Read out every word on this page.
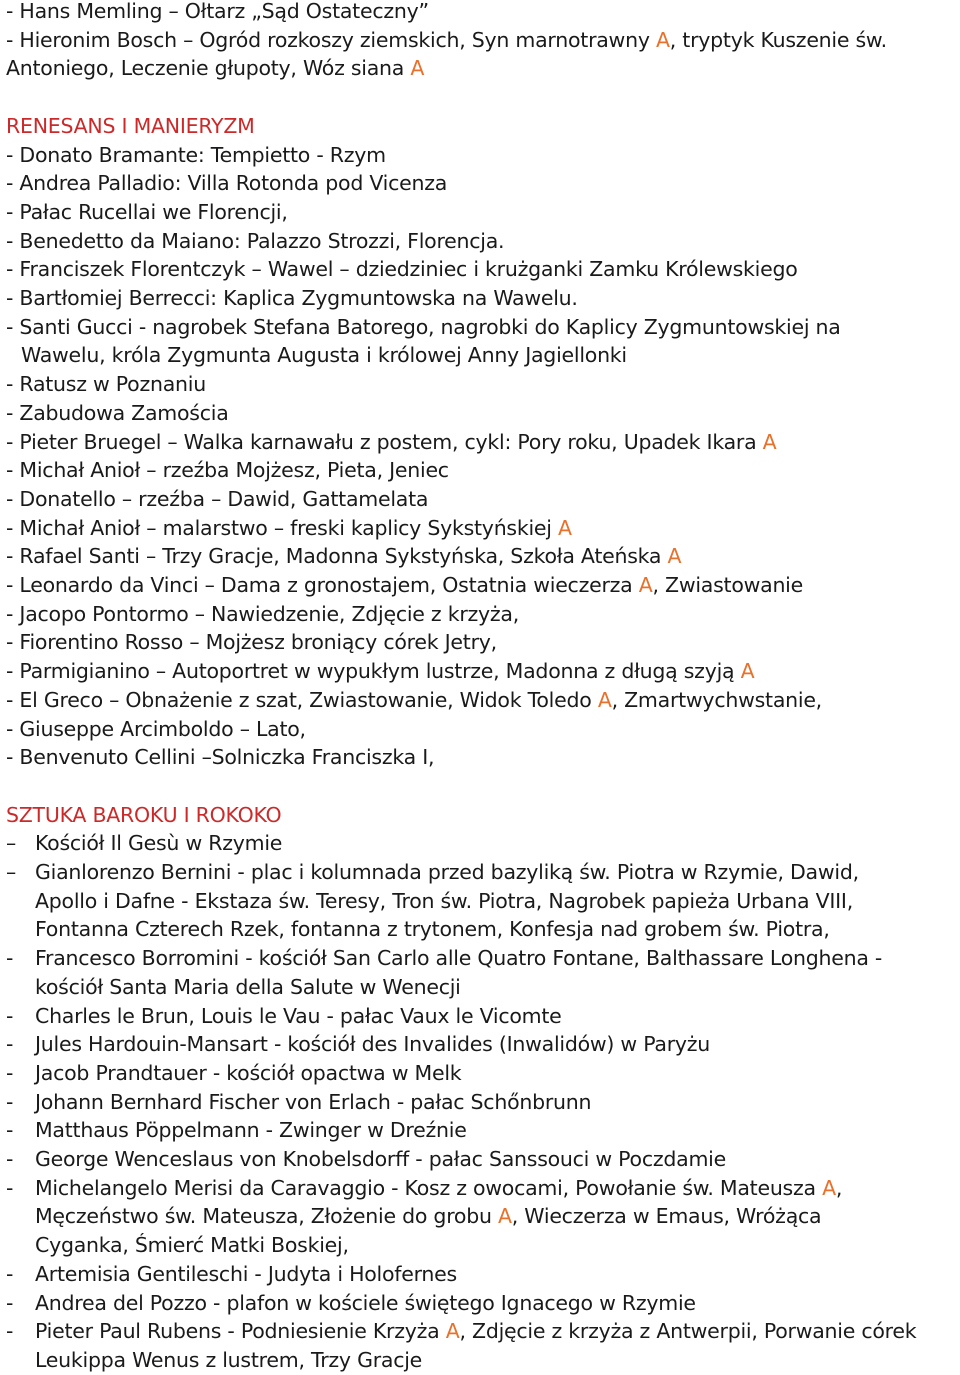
- Hans Memling – Ołtarz „Sąd Ostateczny”
- Hieronim Bosch – Ogród rozkoszy ziemskich, Syn marnotrawny A, tryptyk Kuszenie św.
Antoniego, Leczenie głupoty, Wóz siana A
RENESANS I MANIERYZM
- Donato Bramante: Tempietto - Rzym
- Andrea Palladio: Villa Rotonda pod Vicenza
- Pałac Rucellai we Florencji,
- Benedetto da Maiano: Palazzo Strozzi, Florencja.
- Franciszek Florentczyk – Wawel – dziedziniec i krużganki Zamku Królewskiego
- Bartłomiej Berrecci: Kaplica Zygmuntowska na Wawelu.
- Santi Gucci - nagrobek Stefana Batorego, nagrobki do Kaplicy Zygmuntowskiej na
Wawelu, króla Zygmunta Augusta i królowej Anny Jagiellonki
- Ratusz w Poznaniu
- Zabudowa Zamościa
- Pieter Bruegel – Walka karnawału z postem, cykl: Pory roku, Upadek Ikara A
- Michał Anioł – rzeźba Mojżesz, Pieta, Jeniec
- Donatello – rzeźba – Dawid, Gattamelata
- Michał Anioł – malarstwo – freski kaplicy Sykstyńskiej A
- Rafael Santi – Trzy Gracje, Madonna Sykstyńska, Szkoła Ateńska A
- Leonardo da Vinci – Dama z gronostajem, Ostatnia wieczerza A, Zwiastowanie
- Jacopo Pontormo – Nawiedzenie, Zdjęcie z krzyża,
- Fiorentino Rosso – Mojżesz broniący córek Jetry,
- Parmigianino – Autoportret w wypukłym lustrze, Madonna z długą szyją A
- El Greco – Obnażenie z szat, Zwiastowanie, Widok Toledo A, Zmartwychwstanie,
- Giuseppe Arcimboldo – Lato,
- Benvenuto Cellini –Solniczka Franciszka I,
SZTUKA BAROKU I ROKOKO
– Kościół Il Gesù w Rzymie
– Gianlorenzo Bernini - plac i kolumnada przed bazyliką św. Piotra w Rzymie, Dawid,
Apollo i Dafne - Ekstaza św. Teresy, Tron św. Piotra, Nagrobek papieża Urbana VIII,
Fontanna Czterech Rzek, fontanna z trytonem, Konfesja nad grobem św. Piotra,
-	Francesco Borromini - kościół San Carlo alle Quatro Fontane, Balthassare Longhena -
kościół Santa Maria della Salute w Wenecji
-	Charles le Brun, Louis le Vau - pałac Vaux le Vicomte
-	Jules Hardouin-Mansart - kościół des Invalides (Inwalidów) w Paryżu
-	Jacob Prandtauer - kościół opactwa w Melk
-	Johann Bernhard Fischer von Erlach - pałac Schőnbrunn
-	Matthaus Pöppelmann - Zwinger w Dreźnie
-	George Wenceslaus von Knobelsdorff - pałac Sanssouci w Poczdamie
-	Michelangelo Merisi da Caravaggio - Kosz z owocami, Powołanie św. Mateusza A,
Męczeństwo św. Mateusza, Złożenie do grobu A, Wieczerza w Emaus, Wróżąca
Cyganka, Śmierć Matki Boskiej,
-	Artemisia Gentileschi - Judyta i Holofernes
-	Andrea del Pozzo - plafon w kościele świętego Ignacego w Rzymie
-	Pieter Paul Rubens - Podniesienie Krzyża A, Zdjęcie z krzyża z Antwerpii, Porwanie córek
Leukippa Wenus z lustrem, Trzy Gracje
